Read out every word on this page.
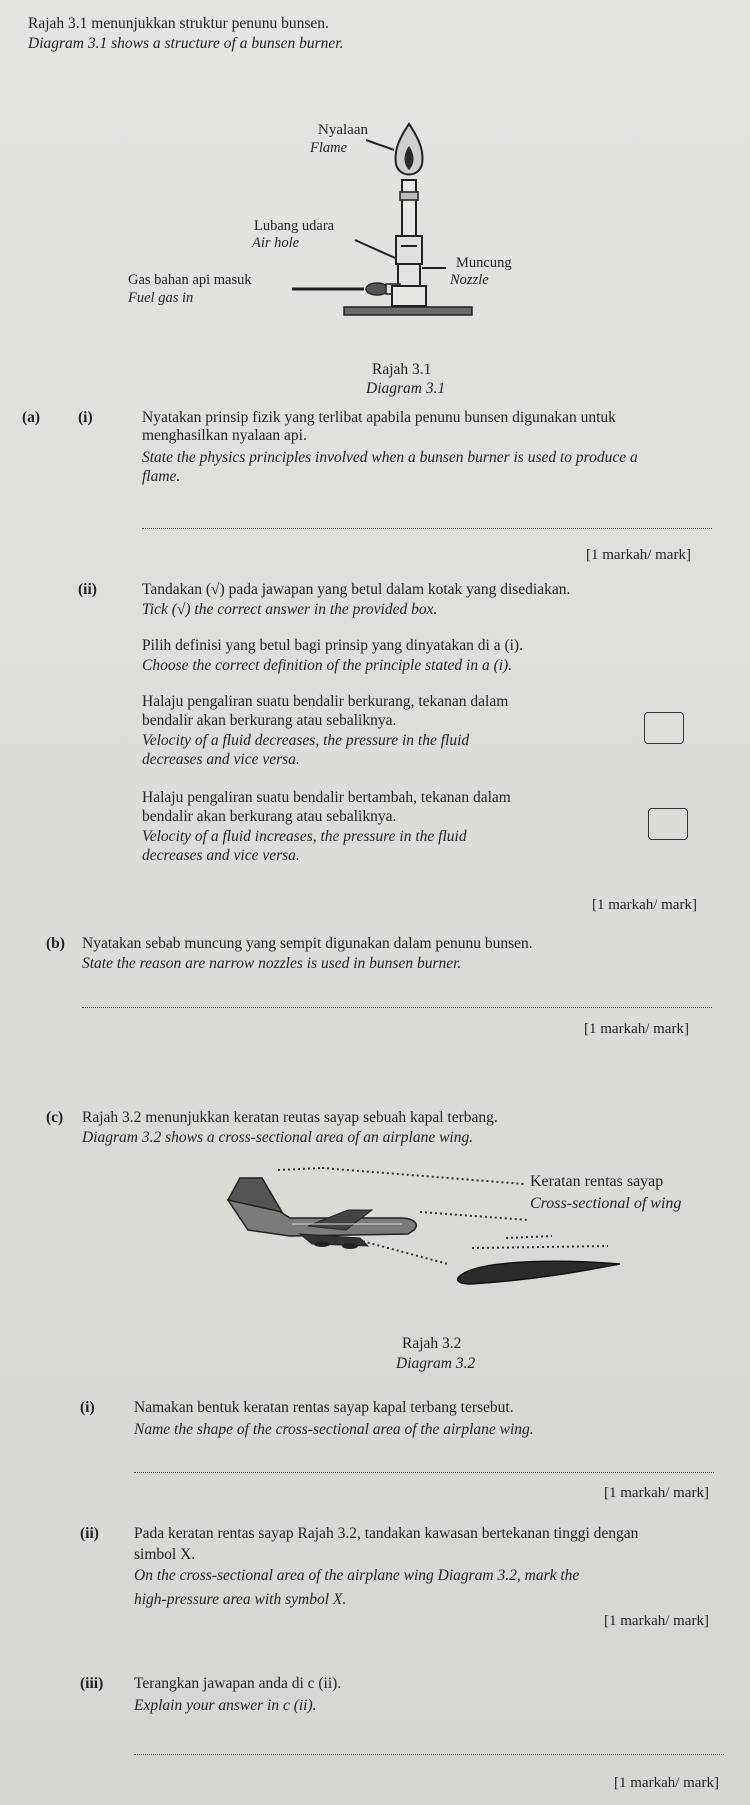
Rajah 3.1 menunjukkan struktur penunu bunsen.
Diagram 3.1 shows a structure of a bunsen burner.
Nyalaan
Flame
Lubang udara
Air hole
Muncung
Nozzle
Gas bahan api masuk
Fuel gas in
Rajah 3.1
Diagram 3.1
(a) (i)	Nyatakan prinsip fizik yang terlibat apabila penunu bunsen digunakan untuk
menghasilkan nyalaan api.
State the physics principles involved when a bunsen burner is used to produce a
flame.
[1 markah/ mark]
(ii)	Tandakan (√) pada jawapan yang betul dalam kotak yang disediakan.
Tick (√) the correct answer in the provided box.
Pilih definisi yang betul bagi prinsip yang dinyatakan di a (i).
Choose the correct definition of the principle stated in a (i).
Halaju pengaliran suatu bendalir berkurang, tekanan dalam
bendalir akan berkurang atau sebaliknya.
Velocity of a fluid decreases, the pressure in the fluid
decreases and vice versa.
Halaju pengaliran suatu bendalir bertambah, tekanan dalam
bendalir akan berkurang atau sebaliknya.
Velocity of a fluid increases, the pressure in the fluid
decreases and vice versa.
[1 markah/ mark]
(b) Nyatakan sebab muncung yang sempit digunakan dalam penunu bunsen.
State the reason are narrow nozzles is used in bunsen burner.
[1 markah/ mark]
(c) Rajah 3.2 menunjukkan keratan reutas sayap sebuah kapal terbang.
Diagram 3.2 shows a cross-sectional area of an airplane wing.
Keratan rentas sayap
Cross-sectional of wing
Rajah 3.2
Diagram 3.2
(i)	Namakan bentuk keratan rentas sayap kapal terbang tersebut.
Name the shape of the cross-sectional area of the airplane wing.
[1 markah/ mark]
(ii) Pada keratan rentas sayap Rajah 3.2, tandakan kawasan bertekanan tinggi dengan
simbol X.
On the cross-sectional area of the airplane wing Diagram 3.2, mark the
high-pressure area with symbol X.
[1 markah/ mark]
(iii) Terangkan jawapan anda di c (ii).
Explain your answer in c (ii).
[1 markah/ mark]
